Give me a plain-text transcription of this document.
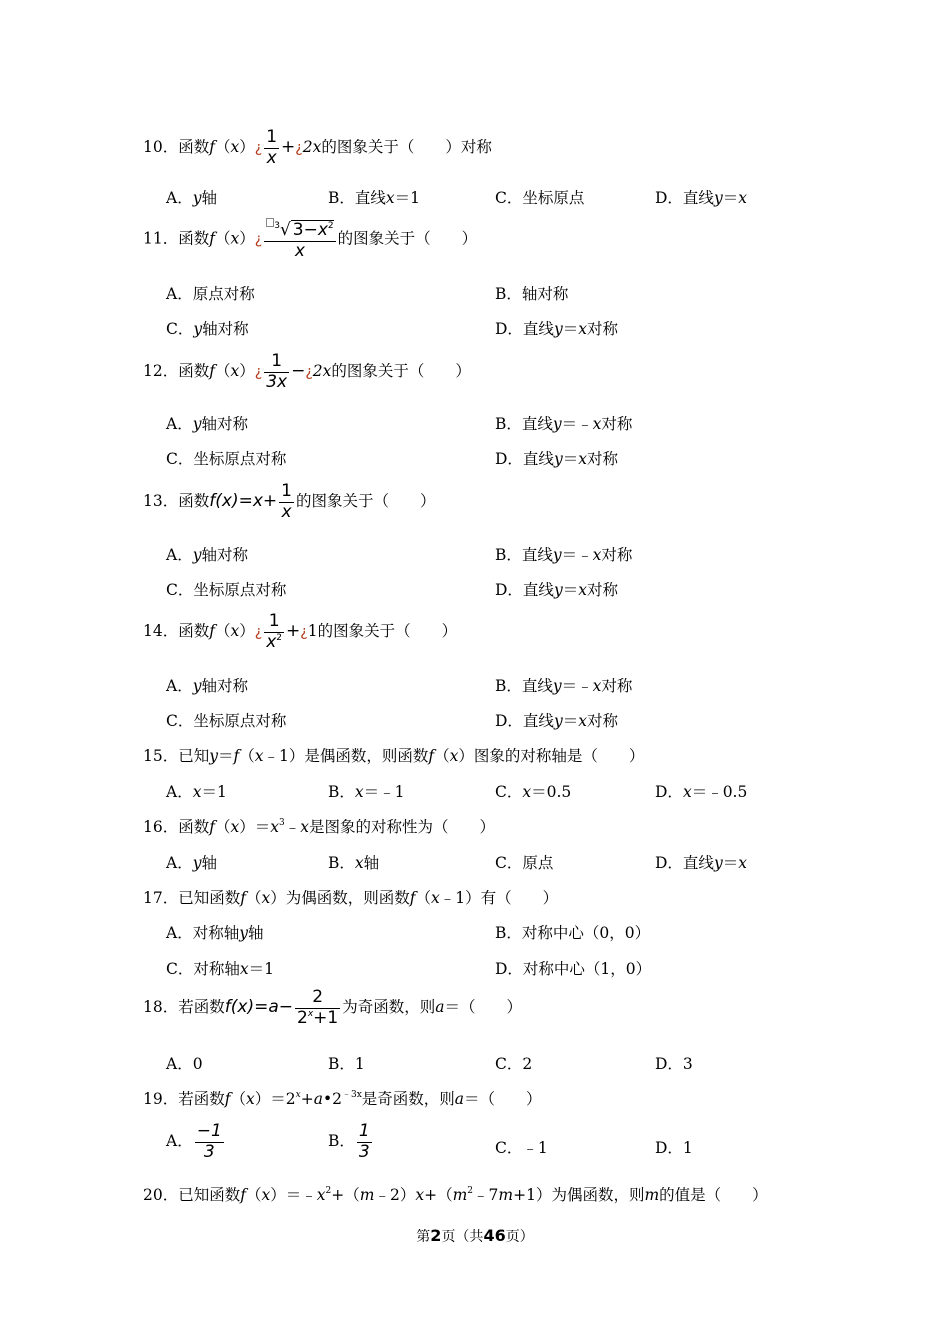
10．函数f（x）¿ $\frac{1}{x}$ +¿2x的图象关于（　　）对称
A．y轴	B．直线x＝1	C．坐标原点	D．直线y＝x
11．函数f（x）¿ $\frac{^3√ 3-x^2}{x}$ 的图象关于（　　）
A．原点对称	B．轴对称
C．y轴对称	D．直线y＝x对称
12．函数f（x）¿ $\frac{1}{3x}$ −¿2x的图象关于（　　）
A．y轴对称	B．直线y＝﹣x对称
C．坐标原点对称	D．直线y＝x对称
13．函数$f(x)=x+ \frac{1}{x}$ 的图象关于（　　）
A．y轴对称	B．直线y＝﹣x对称
C．坐标原点对称	D．直线y＝x对称
14．函数f（x）¿ $\frac{1}{x^2}$ +¿1的图象关于（　　）
A．y轴对称	B．直线y＝﹣x对称
C．坐标原点对称	D．直线y＝x对称
15．已知y＝f（x﹣1）是偶函数，则函数f（x）图象的对称轴是（　　）
A．x＝1	B．x＝﹣1	C．x＝0.5	D．x＝﹣0.5
16．函数$f(x)=x^3﹣x$是图象的对称性为（　　）
A．y轴	B．x轴	C．原点	D．直线y＝x
17．已知函数f（x）为偶函数，则函数f（x﹣1）有（　　）
A．对称轴y轴	B．对称中心（0，0）
C．对称轴x＝1	D．对称中心（1，0）
18．若函数$f(x)=a- \frac{2}{2^x+1}$ 为奇函数，则a＝（　　）
A．0	B．1	C．2	D．3
19．若函数$f(x)=2^x+a•2^{﹣3x}$是奇函数，则a＝（　　）
A． $\frac{-1}{3}$	B． $\frac{1}{3}$	C．﹣1	D．1
20．已知函数$f(x)=﹣x^2+(m﹣2)x+(m^2﹣7m+1)$为偶函数，则m的值是（　　）
第2页（共46页）
